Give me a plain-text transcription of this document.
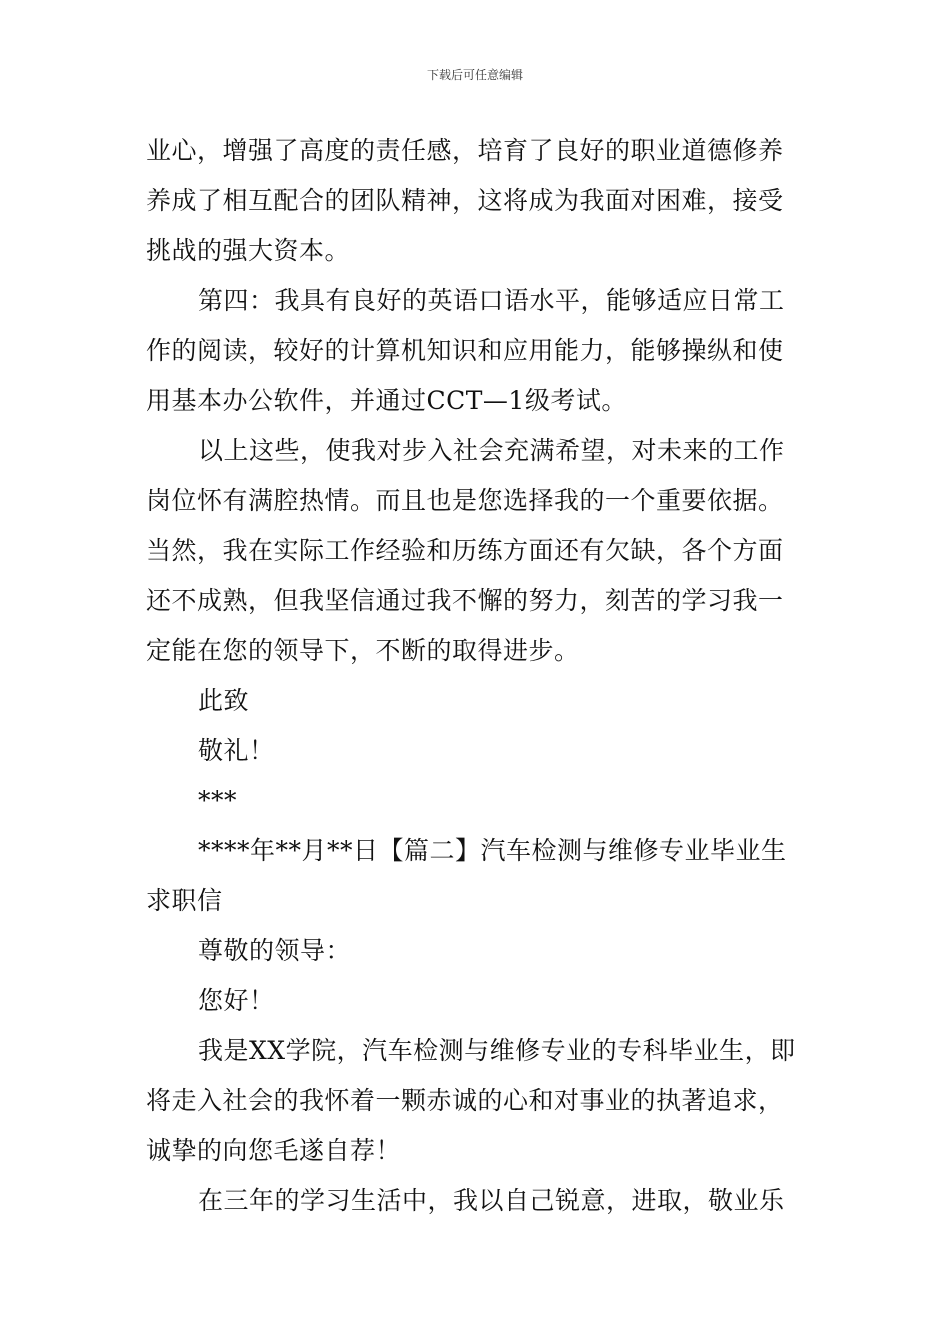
下载后可任意编辑
业心，增强了高度的责任感，培育了良好的职业道德修养
养成了相互配合的团队精神，这将成为我面对困难，接受
挑战的强大资本。
第四：我具有良好的英语口语水平，能够适应日常工
作的阅读，较好的计算机知识和应用能力，能够操纵和使
用基本办公软件，并通过CCT—1级考试。
以上这些，使我对步入社会充满希望，对未来的工作
岗位怀有满腔热情。而且也是您选择我的一个重要依据。
当然，我在实际工作经验和历练方面还有欠缺，各个方面
还不成熟，但我坚信通过我不懈的努力，刻苦的学习我一
定能在您的领导下，不断的取得进步。
此致
敬礼！
***
****年**月**日【篇二】汽车检测与维修专业毕业生
求职信
尊敬的领导：
您好！
我是XX学院，汽车检测与维修专业的专科毕业生，即
将走入社会的我怀着一颗赤诚的心和对事业的执著追求，
诚挚的向您毛遂自荐！
在三年的学习生活中，我以自己锐意，进取，敬业乐
